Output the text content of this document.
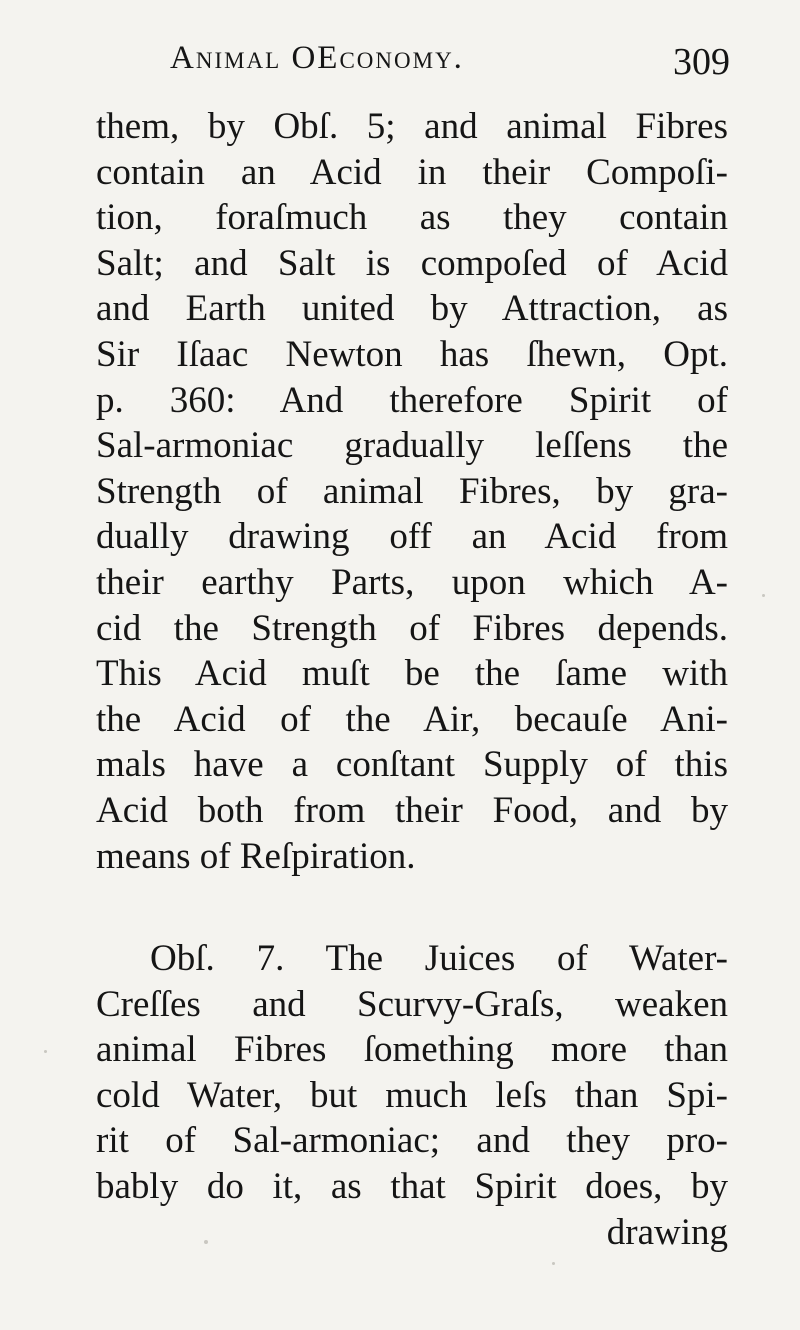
Animal OEconomy.	309
them, by Obſ. 5; and animal Fibres
contain an Acid in their Compoſi-
tion, foraſmuch as they contain
Salt; and Salt is compoſed of Acid
and Earth united by Attraction, as
Sir Iſaac Newton has ſhewn, Opt.
p. 360: And therefore Spirit of
Sal-armoniac gradually leſſens the
Strength of animal Fibres, by gra-
dually drawing off an Acid from
their earthy Parts, upon which A-
cid the Strength of Fibres depends.
This Acid muſt be the ſame with
the Acid of the Air, becauſe Ani-
mals have a conſtant Supply of this
Acid both from their Food, and by
means of Reſpiration.
Obſ. 7. The Juices of Water-
Creſſes and Scurvy-Graſs, weaken
animal Fibres ſomething more than
cold Water, but much leſs than Spi-
rit of Sal-armoniac; and they pro-
bably do it, as that Spirit does, by
drawing
